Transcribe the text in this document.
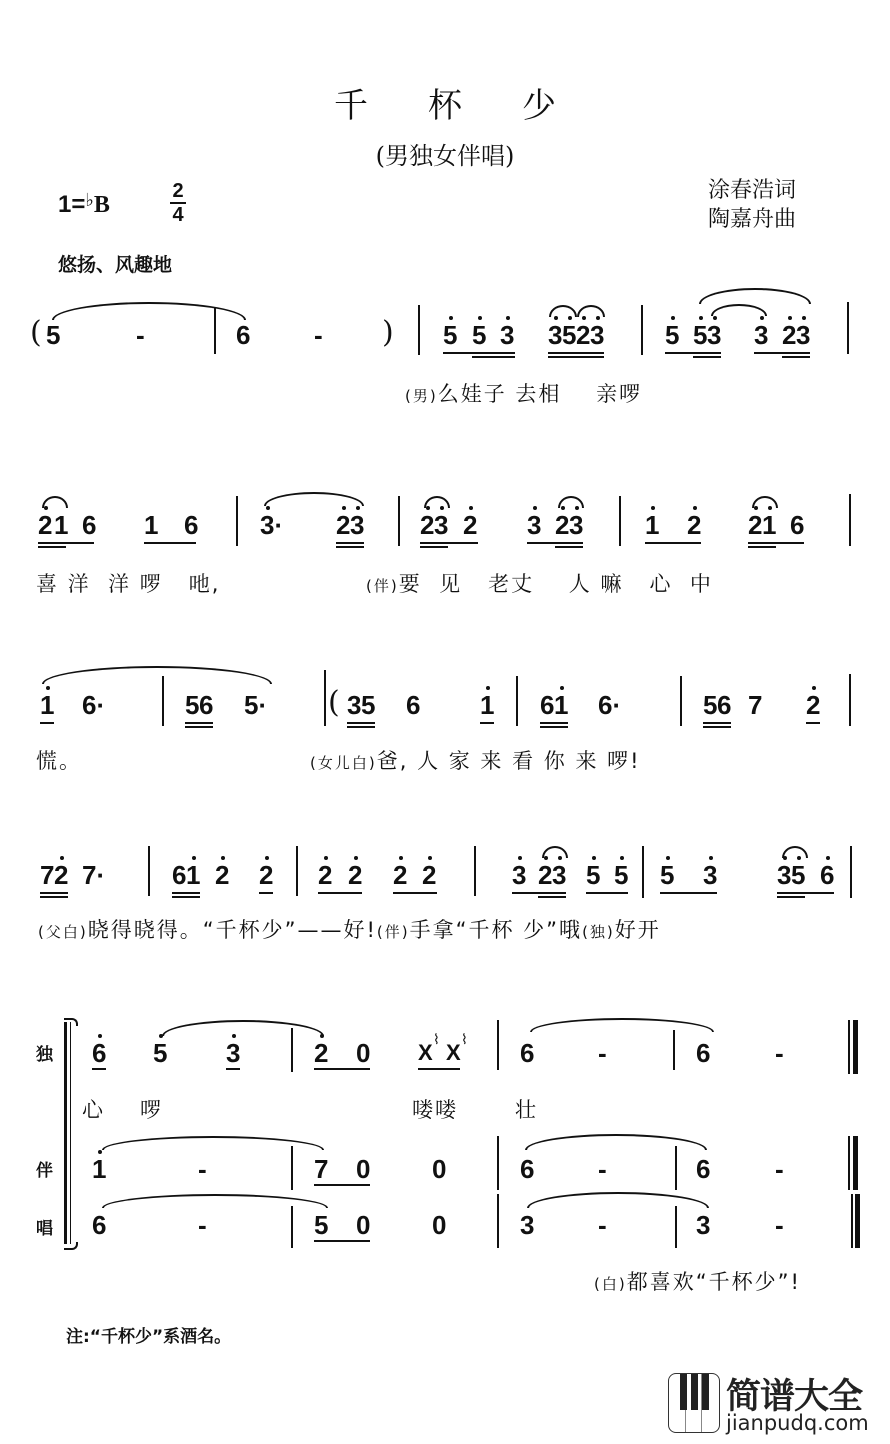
千杯少
(男独女伴唱)
1=♭B
2
4
悠扬、风趣地
涂春浩词
陶嘉舟曲
( 5	-	6 - ) 5 5 3 3 5 2 3 5 5 3 3 2 3
(男)么娃子 去相    亲啰
2 1 6 1 6 3· 2 3 2 3 2 3 2 3 1 2 2 1 6
喜 洋  洋 啰   吔,	(伴)要  见   老丈    人 嘛   心  中
1 6·	5 6 5· ( 3 5 6 1 6 1 6·	5 6 7 2
慌。	(女儿白)爸, 人 家 来 看 你 来 啰!
7 2 7·	6 1 2 2 2 2 2 2	3 2 3 5 5 5 3 3 5 6
(父白)晓得晓得。“千杯少”——好!(伴)手拿“千杯 少”哦(独)好开
独
伴
唱
6 5 3	2 0 X ⌇ X ⌇ 6 -	6 -
心 啰	喽喽	壮
1	-	7 0 0	6 -	6 -
6	-	5 0 0	3 -	3 -
(白)都喜欢“千杯少”!
注:“千杯少”系酒名。
简谱大全
jianpudq.com
